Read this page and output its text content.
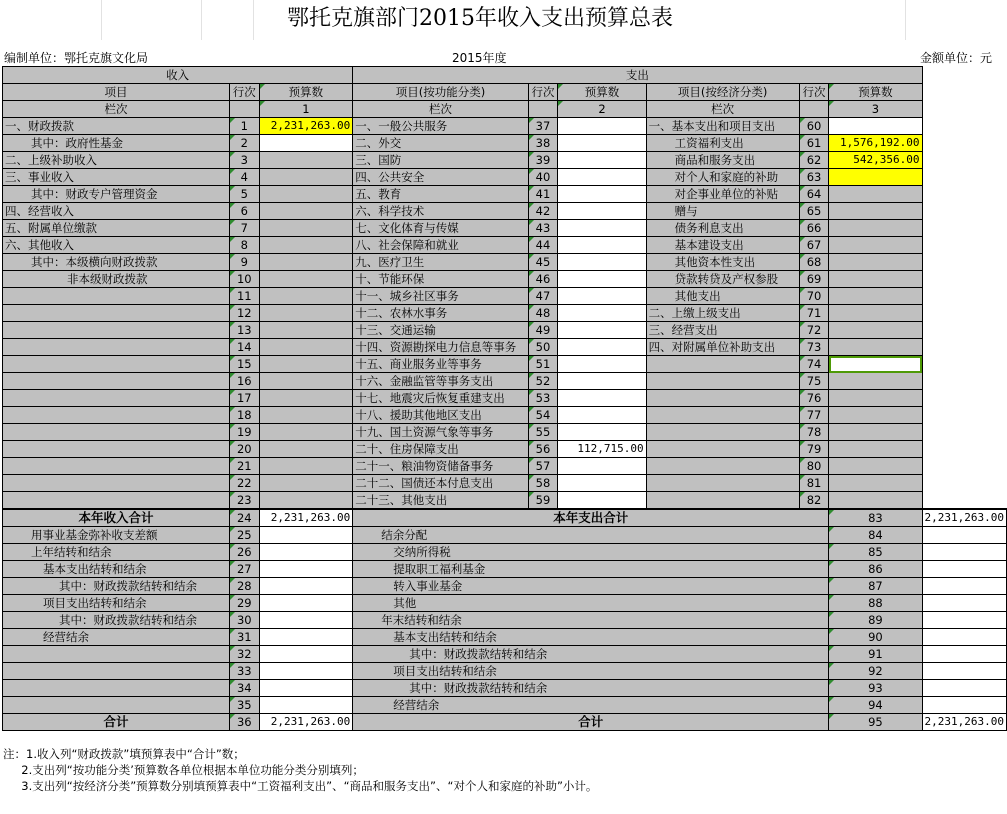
鄂托克旗部门2015年收入支出预算总表
编制单位：鄂托克旗文化局	2015年度	金额单位：元
收入			支出						
项目	行次	预算数	项目(按功能分类)	行次	预算数	项目(按经济分类)	行次	预算数	
栏次		1	栏次		2	栏次		3	
一、财政拨款	1	2,231,263.00	一、一般公共服务	37		一、基本支出和项目支出	60		
其中：政府性基金	2		二、外交	38		工资福利支出	61	1,576,192.00	
二、上级补助收入	3		三、国防	39		商品和服务支出	62	542,356.00	
三、事业收入	4		四、公共安全	40		对个人和家庭的补助	63		
其中：财政专户管理资金	5		五、教育	41		对企事业单位的补贴	64		
四、经营收入	6		六、科学技术	42		赠与	65		
五、附属单位缴款	7		七、文化体育与传媒	43		债务利息支出	66		
六、其他收入	8		八、社会保障和就业	44		基本建设支出	67		
其中：本级横向财政拨款	9		九、医疗卫生	45		其他资本性支出	68		
非本级财政拨款	10		十、节能环保	46		贷款转贷及产权参股	69		
	11		十一、城乡社区事务	47		其他支出	70		
	12		十二、农林水事务	48		二、上缴上级支出	71		
	13		十三、交通运输	49		三、经营支出	72		
	14		十四、资源勘探电力信息等事务	50		四、对附属单位补助支出	73		
	15		十五、商业服务业等事务	51			74		
	16		十六、金融监管等事务支出	52			75		
	17		十七、地震灾后恢复重建支出	53			76		
	18		十八、援助其他地区支出	54			77		
	19		十九、国土资源气象等事务	55			78		
	20		二十、住房保障支出	56	112,715.00		79		
	21		二十一、粮油物资储备事务	57			80		
	22		二十二、国债还本付息支出	58			81		
	23		二十三、其他支出	59			82		
本年收入合计	24	2,231,263.00	本年支出合计					83	2,231,263.00
用事业基金弥补收支差额	25		结余分配					84	
上年结转和结余	26		交纳所得税					85	
基本支出结转和结余	27		提取职工福利基金					86	
其中：财政拨款结转和结余	28		转入事业基金					87	
项目支出结转和结余	29		其他					88	
其中：财政拨款结转和结余	30		年末结转和结余					89	
经营结余	31		基本支出结转和结余					90	
	32		其中：财政拨款结转和结余					91	
	33		项目支出结转和结余					92	
	34		其中：财政拨款结转和结余					93	
	35		经营结余					94	
合计	36	2,231,263.00	合计					95	2,231,263.00
注：1.收入列“财政拨款”填预算表中“合计”数；
2.支出列“按功能分类’预算数各单位根据本单位功能分类分别填列；
3.支出列“按经济分类”预算数分别填预算表中“工资福利支出”、“商品和服务支出”、“对个人和家庭的补助”小计。
